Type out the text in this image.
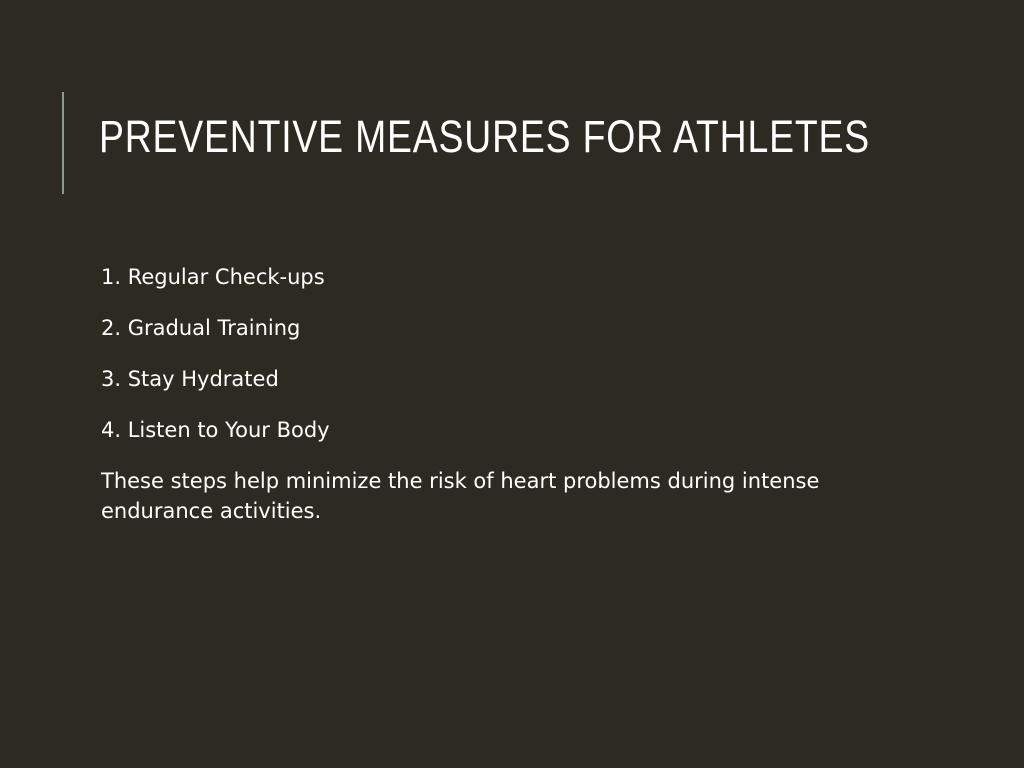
PREVENTIVE MEASURES FOR ATHLETES

1. Regular Check-ups

2. Gradual Training

3. Stay Hydrated

4. Listen to Your Body

These steps help minimize the risk of heart problems during intense endurance activities.
